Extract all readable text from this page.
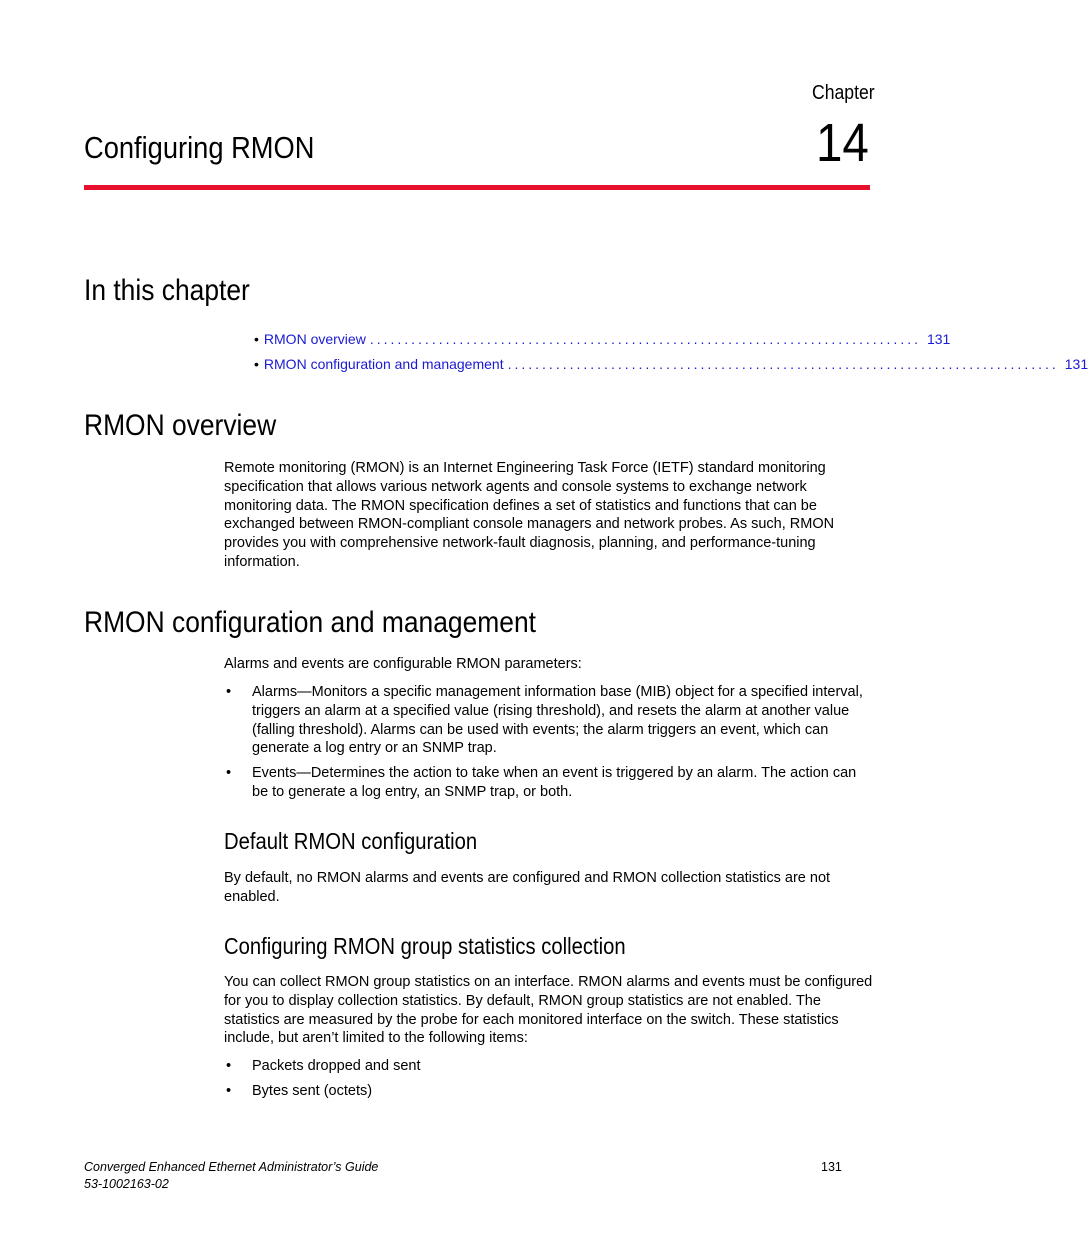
Chapter
14
Configuring RMON
In this chapter
• RMON overview ................................................................................ 131
• RMON configuration and management ................................................................................ 131
RMON overview
Remote monitoring (RMON) is an Internet Engineering Task Force (IETF) standard monitoring specification that allows various network agents and console systems to exchange network monitoring data. The RMON specification defines a set of statistics and functions that can be exchanged between RMON-compliant console managers and network probes. As such, RMON provides you with comprehensive network-fault diagnosis, planning, and performance-tuning information.
RMON configuration and management
Alarms and events are configurable RMON parameters:
• Alarms—Monitors a specific management information base (MIB) object for a specified interval, triggers an alarm at a specified value (rising threshold), and resets the alarm at another value (falling threshold). Alarms can be used with events; the alarm triggers an event, which can generate a log entry or an SNMP trap.
• Events—Determines the action to take when an event is triggered by an alarm. The action can be to generate a log entry, an SNMP trap, or both.
Default RMON configuration
By default, no RMON alarms and events are configured and RMON collection statistics are not enabled.
Configuring RMON group statistics collection
You can collect RMON group statistics on an interface. RMON alarms and events must be configured for you to display collection statistics. By default, RMON group statistics are not enabled. The statistics are measured by the probe for each monitored interface on the switch. These statistics include, but aren’t limited to the following items:
• Packets dropped and sent
• Bytes sent (octets)
Converged Enhanced Ethernet Administrator’s Guide
53-1002163-02
131
